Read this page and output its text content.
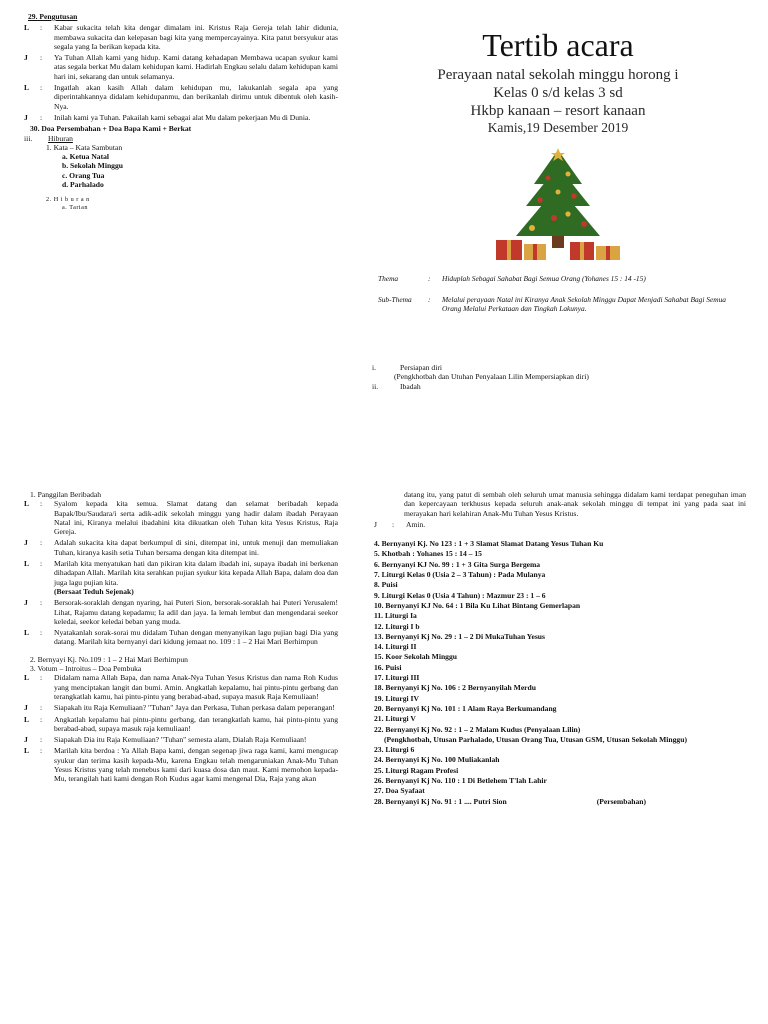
29. Pengutusan
L	:	Kabar sukacita telah kita dengar dimalam ini. Kristus Raja Gereja telah lahir didunia, membawa sukacita dan kelepasan bagi kita yang mempercayainya. Kita patut bersyukur atas segala yang Ia berikan kepada kita.
J	:	Ya Tuhan Allah kami yang hidup. Kami datang kehadapan Membawa ucapan syukur kami atas segala berkat Mu dalam kehidupan kami. Hadirlah Engkau selalu dalam kehidupan kami hari ini, sekarang dan untuk selamanya.
L	:	Ingatlah akan kasih Allah dalam kehidupan mu, lakukanlah segala apa yang diperintahkannya didalam kehidupanmu, dan berikanlah dirimu untuk dibentuk oleh kasih-Nya.
J	:	Inilah kami ya Tuhan. Pakailah kami sebagai alat Mu dalam pekerjaan Mu di Dunia.
30. Doa Persembahan + Doa Bapa Kami + Berkat
iii.	Hiburan
1. Kata – Kata Sambutan
a. Ketua Natal
b. Sekolah Minggu
c. Orang Tua
d. Parhalado
2. H i b u r a n
a. Tarian
Tertib acara
Perayaan natal sekolah minggu horong i
Kelas 0 s/d kelas 3 sd
Hkbp kanaan – resort kanaan
Kamis,19 Desember 2019
Thema	:	Hiduplah Sebagai Sahabat Bagi Semua Orang (Yohanes 15 : 14 -15)
Sub-Thema	:	Melalui perayaan Natal ini Kiranya Anak Sekolah Minggu Dapat Menjadi Sahabat Bagi Semua Orang Melalui Perkataan dan Tingkah Lakunya.
i.	Persiapan diri
(Pengkhotbah dan Utuhan Penyalaan Lilin Mempersiapkan diri)
ii.	Ibadah
1. Panggilan Beribadah
L	:	Syalom kepada kita semua. Slamat datang dan selamat beribadah kepada Bapak/Ibu/Saudara/i serta adik-adik sekolah minggu yang hadir dalam ibadah Perayaan Natal ini, Kiranya melalui ibadahini kita dikuatkan oleh Tuhan kita Yesus Kristus, Raja Gereja.
J	:	Adalah sukacita kita dapat berkumpul di sini, ditempat ini, untuk menuji dan memuliakan Tuhan, kiranya kasih setia Tuhan bersama dengan kita ditempat ini.
L	:	Marilah kita menyatukan hati dan pikiran kita dalam ibadah ini, supaya ibadah ini berkenan dihadapan Allah. Marilah kita serahkan pujian syukur kita kepada Allah Bapa, dalam doa dan juga lagu pujian kita.
(Bersaat Teduh Sejenak)
J	:	Bersorak-soraklah dengan nyaring, hai Puteri Sion, bersorak-soraklah hai Puteri Yerusalem! Lihat, Rajamu datang kepadamu; Ia adil dan jaya. Ia lemah lembut dan mengendarai seekor keledai, seekor keledai beban yang muda.
L	:	Nyatakanlah sorak-sorai mu didalam Tuhan dengan menyanyikan lagu pujian bagi Dia yang datang. Marilah kita bernyanyi dari kidung jemaat no. 109 : 1 – 2 Hai Mari Berhimpun
2. Bernyayi Kj. No.109 : 1 – 2 Hai Mari Berhimpun
3. Votum – Introitus – Doa Pembuka
L	:	Didalam nama Allah Bapa, dan nama Anak-Nya Tuhan Yesus Kristus dan nama Roh Kudus yang menciptakan langit dan bumi. Amin. Angkatlah kepalamu, hai pintu-pintu gerbang dan terangkatlah kamu, hai pintu-pintu yang berabad-abad, supaya masuk Raja Kemuliaan!
J	:	Siapakah itu Raja Kemuliaan? "Tuhan" Jaya dan Perkasa, Tuhan perkasa dalam peperangan!
L	:	Angkatlah kepalamu hai pintu-pintu gerbang, dan terangkatlah kamu, hai pintu-pintu yang berabad-abad, supaya masuk raja kemuliaan!
J	:	Siapakah Dia itu Raja Kemuliaan? "Tuhan" semesta alam, Dialah Raja Kemuliaan!
L	:	Marilah kita berdoa : Ya Allah Bapa kami, dengan segenap jiwa raga kami, kami mengucap syukur dan terima kasih kepada-Mu, karena Engkau telah mengaruniakan Anak-Mu Tuhan Yesus Kristus yang telah menebus kami dari kuasa dosa dan maut. Kami memohon kepada-Mu, terangilah hati kami dengan Roh Kudus agar kami mengenal Dia, Raja yang akan
datang itu, yang patut di sembah oleh seluruh umat manusia sehingga didalam kami terdapat peneguhan iman dan kepercayaan terkhusus kepada seluruh anak-anak sekolah minggu di tempat ini yang pada saat ini merayakan hari kelahiran Anak-Mu Tuhan Yesus Kristus.
J	:	Amin.
4. Bernyanyi Kj. No 123 : 1 + 3 Slamat Slamat Datang Yesus Tuhan Ku
5. Khotbah : Yohanes 15 : 14 – 15
6. Bernyanyi KJ No. 99 : 1 + 3 Gita Surga Bergema
7. Liturgi Kelas 0 (Usia 2 – 3 Tahun) : Pada Mulanya
8. Puisi
9. Liturgi Kelas 0 (Usia 4 Tahun) : Mazmur 23 : 1 – 6
10. Bernyanyi KJ No. 64 : 1 Bila Ku Lihat Bintang Gemerlapan
11. Liturgi Ia
12. Liturgi I b
13. Bernyanyi Kj No. 29 : 1 – 2 Di MukaTuhan Yesus
14. Liturgi II
15. Koor Sekolah Minggu
16. Puisi
17. Liturgi III
18. Bernyanyi Kj No. 106 : 2 Bernyanyilah Merdu
19. Liturgi IV
20. Bernyanyi Kj No. 101 : 1 Alam Raya Berkumandang
21. Liturgi V
22. Bernyanyi Kj No. 92 : 1 – 2 Malam Kudus (Penyalaan Lilin)
(Pengkhotbah, Utusan Parhalado, Utusan Orang Tua, Utusan GSM, Utusan Sekolah Minggu)
23. Liturgi 6
24. Bernyanyi Kj No. 100 Muliakanlah
25. Liturgi Ragam Profesi
26. Bernyanyi Kj No. 110 : 1 Di Betlehem T'lah Lahir
27. Doa Syafaat
28. Bernyanyi Kj No. 91 : 1 .... Putri Sion	(Persembahan)
